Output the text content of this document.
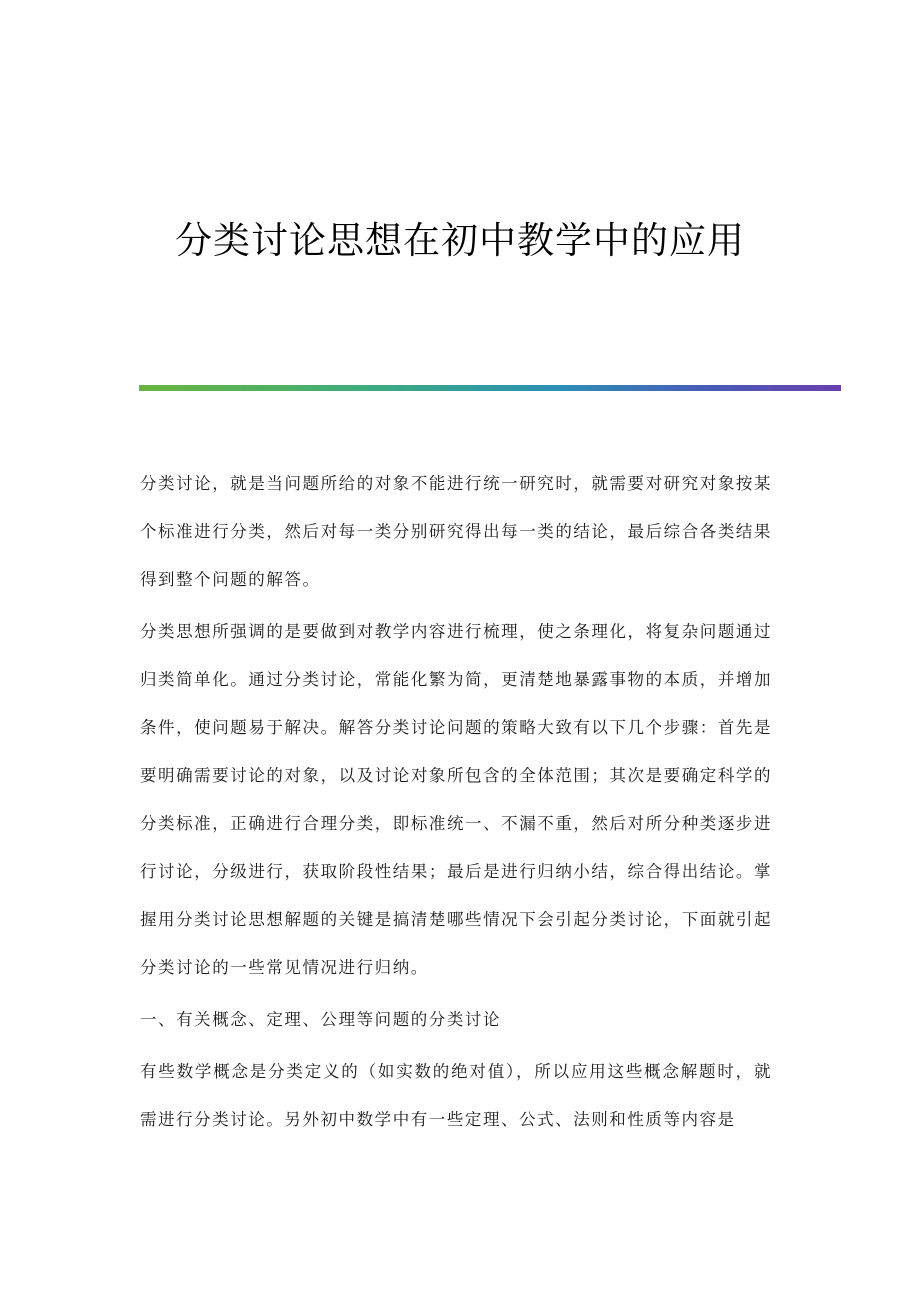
分类讨论思想在初中教学中的应用

分类讨论，就是当问题所给的对象不能进行统一研究时，就需要对研究对象按某个标准进行分类，然后对每一类分别研究得出每一类的结论，最后综合各类结果得到整个问题的解答。

分类思想所强调的是要做到对教学内容进行梳理，使之条理化，将复杂问题通过归类简单化。通过分类讨论，常能化繁为简，更清楚地暴露事物的本质，并增加条件，使问题易于解决。解答分类讨论问题的策略大致有以下几个步骤：首先是要明确需要讨论的对象，以及讨论对象所包含的全体范围；其次是要确定科学的分类标准，正确进行合理分类，即标准统一、不漏不重，然后对所分种类逐步进行讨论，分级进行，获取阶段性结果；最后是进行归纳小结，综合得出结论。掌握用分类讨论思想解题的关键是搞清楚哪些情况下会引起分类讨论，下面就引起分类讨论的一些常见情况进行归纳。

一、有关概念、定理、公理等问题的分类讨论

有些数学概念是分类定义的（如实数的绝对值），所以应用这些概念解题时，就需进行分类讨论。另外初中数学中有一些定理、公式、法则和性质等内容是
